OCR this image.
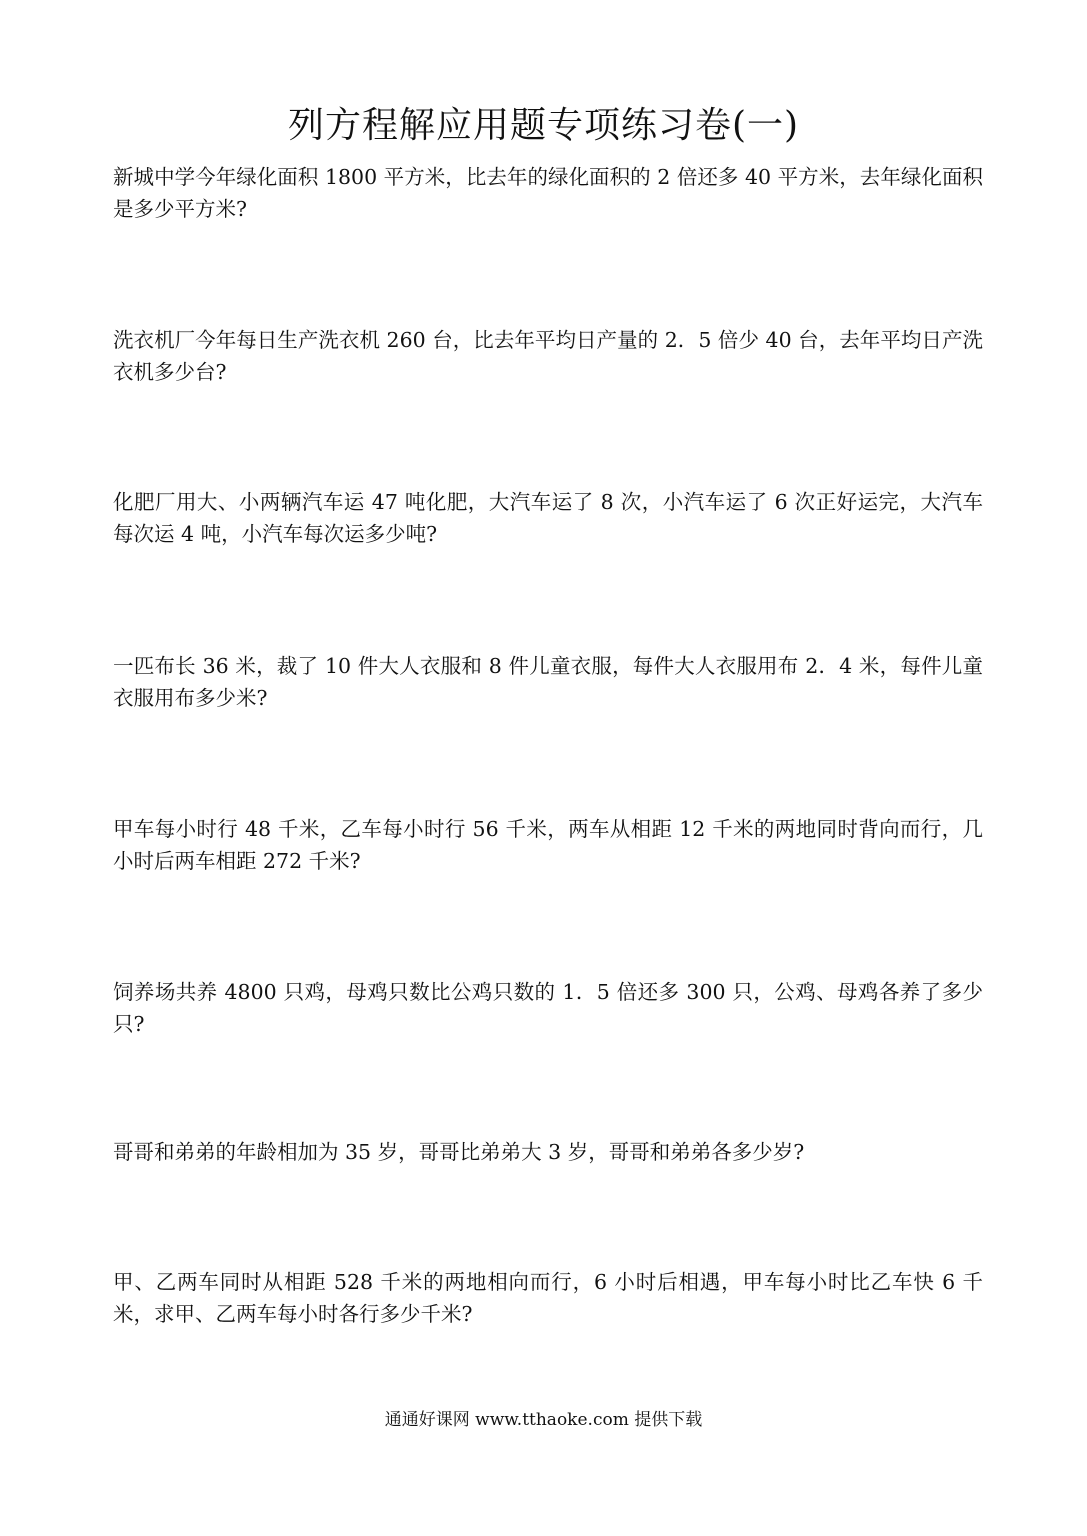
列方程解应用题专项练习卷(一)
新城中学今年绿化面积 1800 平方米，比去年的绿化面积的 2 倍还多 40 平方米，去年绿化面积是多少平方米?
洗衣机厂今年每日生产洗衣机 260 台，比去年平均日产量的 2．5 倍少 40 台，去年平均日产洗衣机多少台?
化肥厂用大、小两辆汽车运 47 吨化肥，大汽车运了 8 次，小汽车运了 6 次正好运完，大汽车每次运 4 吨，小汽车每次运多少吨?
一匹布长 36 米，裁了 10 件大人衣服和 8 件儿童衣服，每件大人衣服用布 2．4 米，每件儿童衣服用布多少米?
甲车每小时行 48 千米，乙车每小时行 56 千米，两车从相距 12 千米的两地同时背向而行，几小时后两车相距 272 千米?
饲养场共养 4800 只鸡，母鸡只数比公鸡只数的 1．5 倍还多 300 只，公鸡、母鸡各养了多少只?
哥哥和弟弟的年龄相加为 35 岁，哥哥比弟弟大 3 岁，哥哥和弟弟各多少岁?
甲、乙两车同时从相距 528 千米的两地相向而行，6 小时后相遇，甲车每小时比乙车快 6 千米，求甲、乙两车每小时各行多少千米?
通通好课网 www.tthaoke.com 提供下载
